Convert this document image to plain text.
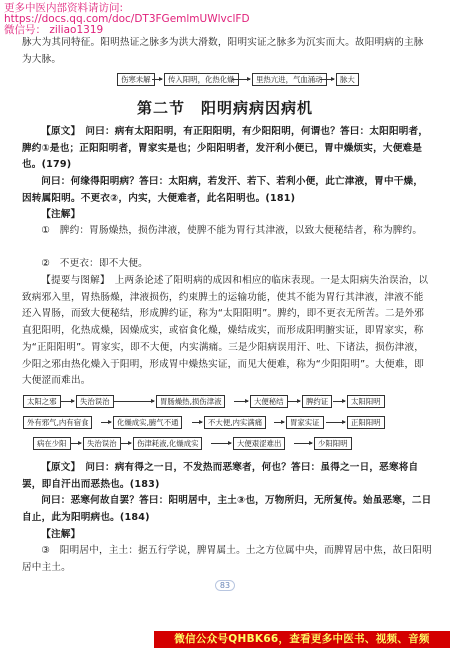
更多中医内部资料请访问:
https://docs.qq.com/doc/DT3FGemlmUWlvclFD
微信号： ziliao1319
脉大为其同特征。阳明热证之脉多为洪大滑数，阳明实证之脉多为沉实而大。故阳明病的主脉为大脉。
伤寒未解	传入阳明，化热化燥	里热亢进，气血涌动	脉大
第二节　阳明病病因病机
【原文】　问曰：病有太阳阳明，有正阳阳明，有少阳阳明，何谓也？答曰：太阳阳明者，脾约①是也；正阳阳明者，胃家实是也；少阳阳明者，发汗利小便已，胃中燥烦实，大便难是也。(179)
问曰：何缘得阳明病？答曰：太阳病，若发汗、若下、若利小便，此亡津液，胃中干燥，因转属阳明。不更衣②，内实，大便难者，此名阳明也。(181)
【注解】
①　脾约：胃肠燥热，损伤津液，使脾不能为胃行其津液，以致大便秘结者，称为脾约。
②　不更衣：即不大便。
【提要与图解】　上两条论述了阳明病的成因和相应的临床表现。一是太阳病失治误治，以致病邪入里，胃热肠燥，津液损伤，约束脾土的运输功能，使其不能为胃行其津液，津液不能还入胃肠，而致大便秘结，形成脾约证，称为“太阳阳明”。脾约，即不更衣无所苦。二是外邪直犯阳明，化热成燥，因燥成实，或宿食化燥，燥结成实，而形成阳明腑实证，即胃家实，称为“正阳阳明”。胃家实，即不大便，内实满痛。三是少阳病误用汗、吐、下诸法，损伤津液，少阳之邪由热化燥入于阳明，形成胃中燥热实证，而见大便难，称为“少阳阳明”。大便难，即大便涩而难出。
太阳之邪	失治误治	胃肠燥热,损伤津液	大便秘结	脾约证	太阳阳明
外有邪气,内有宿食	化燥成实,腑气不通	不大便,内实满痛	胃家实证	正阳阳明
病在少阳	失治误治	伤津耗液,化燥成实	大便艰涩难出	少阳阳明
【原文】　问曰：病有得之一日，不发热而恶寒者，何也？答曰：虽得之一日，恶寒将自罢，即自汗出而恶热也。(183)
问曰：恶寒何故自罢？答曰：阳明居中，主土③也，万物所归，无所复传。始虽恶寒，二日自止，此为阳明病也。(184)
【注解】
③　阳明居中，主土：据五行学说，脾胃属土。土之方位属中央，而脾胃居中焦，故曰阳明居中主土。
83
微信公众号QHBK66，查看更多中医书、视频、音频
